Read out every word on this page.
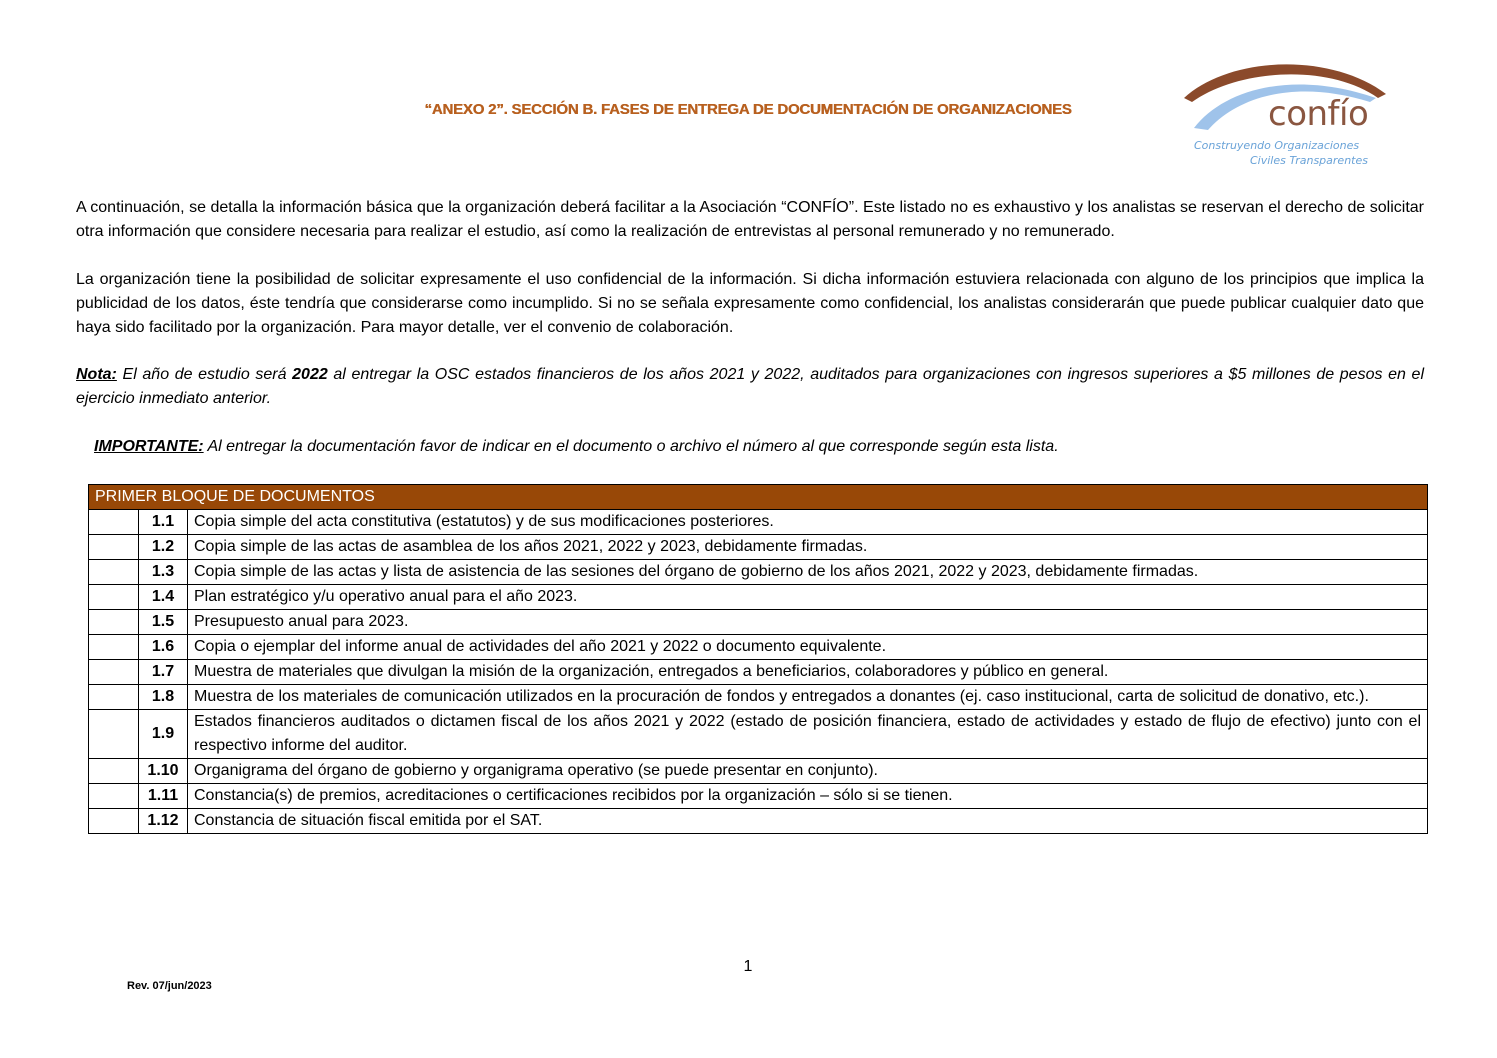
“ANEXO 2”. SECCIÓN B. FASES DE ENTREGA DE DOCUMENTACIÓN DE ORGANIZACIONES	confío
Construyendo Organizaciones
Civiles Transparentes
A continuación, se detalla la información básica que la organización deberá facilitar a la Asociación “CONFÍO”. Este listado no es exhaustivo y los analistas se reservan el derecho de solicitar otra información que considere necesaria para realizar el estudio, así como la realización de entrevistas al personal remunerado y no remunerado.
La organización tiene la posibilidad de solicitar expresamente el uso confidencial de la información. Si dicha información estuviera relacionada con alguno de los principios que implica la publicidad de los datos, éste tendría que considerarse como incumplido. Si no se señala expresamente como confidencial, los analistas considerarán que puede publicar cualquier dato que haya sido facilitado por la organización. Para mayor detalle, ver el convenio de colaboración.
Nota: El año de estudio será 2022 al entregar la OSC estados financieros de los años 2021 y 2022, auditados para organizaciones con ingresos superiores a $5 millones de pesos en el ejercicio inmediato anterior.
IMPORTANTE: Al entregar la documentación favor de indicar en el documento o archivo el número al que corresponde según esta lista.
PRIMER BLOQUE DE DOCUMENTOS		
	1.1	Copia simple del acta constitutiva (estatutos) y de sus modificaciones posteriores.
	1.2	Copia simple de las actas de asamblea de los años 2021, 2022 y 2023, debidamente firmadas.
	1.3	Copia simple de las actas y lista de asistencia de las sesiones del órgano de gobierno de los años 2021, 2022 y 2023, debidamente firmadas.
	1.4	Plan estratégico y/u operativo anual para el año 2023.
	1.5	Presupuesto anual para 2023.
	1.6	Copia o ejemplar del informe anual de actividades del año 2021 y 2022 o documento equivalente.
	1.7	Muestra de materiales que divulgan la misión de la organización, entregados a beneficiarios, colaboradores y público en general.
	1.8	Muestra de los materiales de comunicación utilizados en la procuración de fondos y entregados a donantes (ej. caso institucional, carta de solicitud de donativo, etc.).
	1.9	Estados financieros auditados o dictamen fiscal de los años 2021 y 2022 (estado de posición financiera, estado de actividades y estado de flujo de efectivo) junto con el respectivo informe del auditor.
	1.10	Organigrama del órgano de gobierno y organigrama operativo (se puede presentar en conjunto).
	1.11	Constancia(s) de premios, acreditaciones o certificaciones recibidos por la organización – sólo si se tienen.
	1.12	Constancia de situación fiscal emitida por el SAT.
1
Rev. 07/jun/2023
